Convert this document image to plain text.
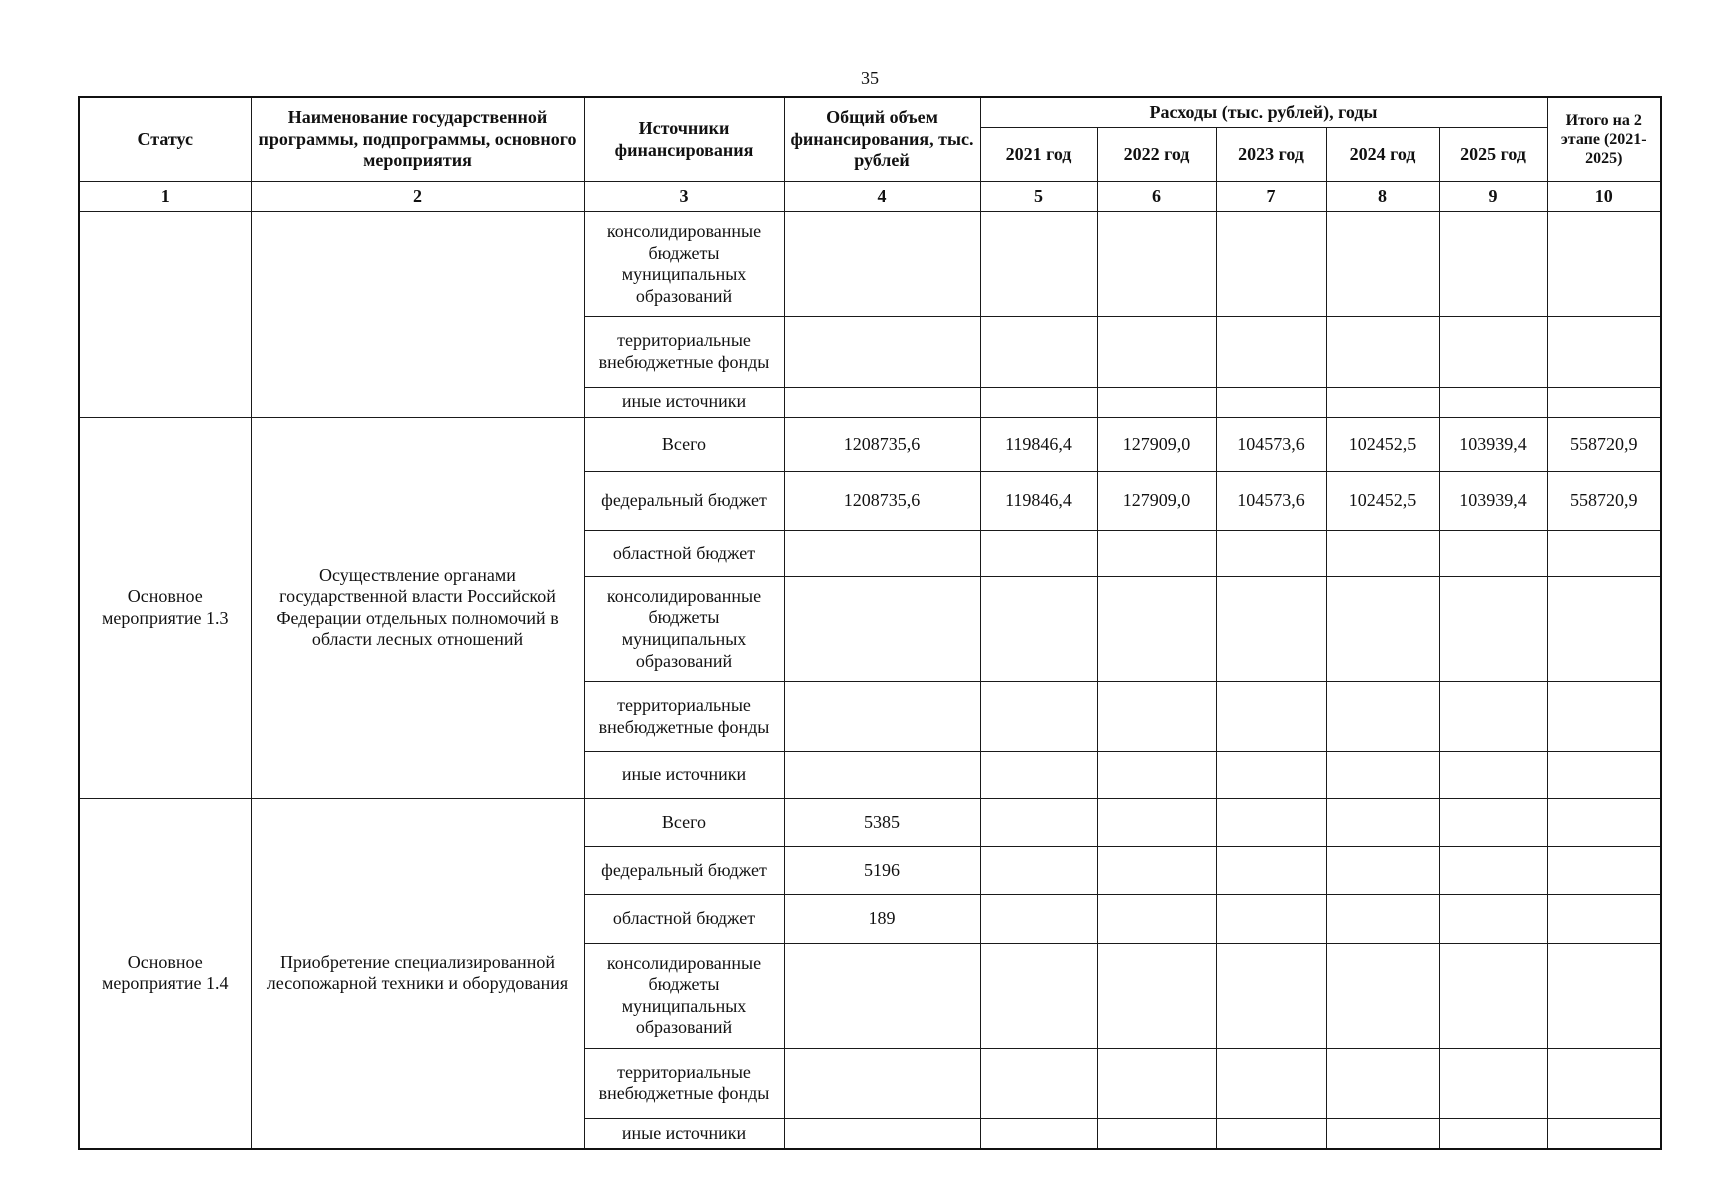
35
Статус	Наименование государственной программы, подпрограммы, основного мероприятия	Источники финансирования	Общий объем финансирования, тыс. рублей	Расходы (тыс. рублей), годы					Итого на 2 этапе (2021-2025)
				2021 год	2022 год	2023 год	2024 год	2025 год	
1	2	3	4	5	6	7	8	9	10
		консолидированные бюджеты муниципальных образований							
		территориальные внебюджетные фонды							
		иные источники							
Основное мероприятие 1.3	Осуществление органами государственной власти Российской Федерации отдельных полномочий в области лесных отношений	Всего	1208735,6	119846,4	127909,0	104573,6	102452,5	103939,4	558720,9
		федеральный бюджет	1208735,6	119846,4	127909,0	104573,6	102452,5	103939,4	558720,9
		областной бюджет							
		консолидированные бюджеты муниципальных образований							
		территориальные внебюджетные фонды							
		иные источники							
Основное мероприятие 1.4	Приобретение специализированной лесопожарной техники и оборудования	Всего	5385						
		федеральный бюджет	5196						
		областной бюджет	189						
		консолидированные бюджеты муниципальных образований							
		территориальные внебюджетные фонды							
		иные источники							
